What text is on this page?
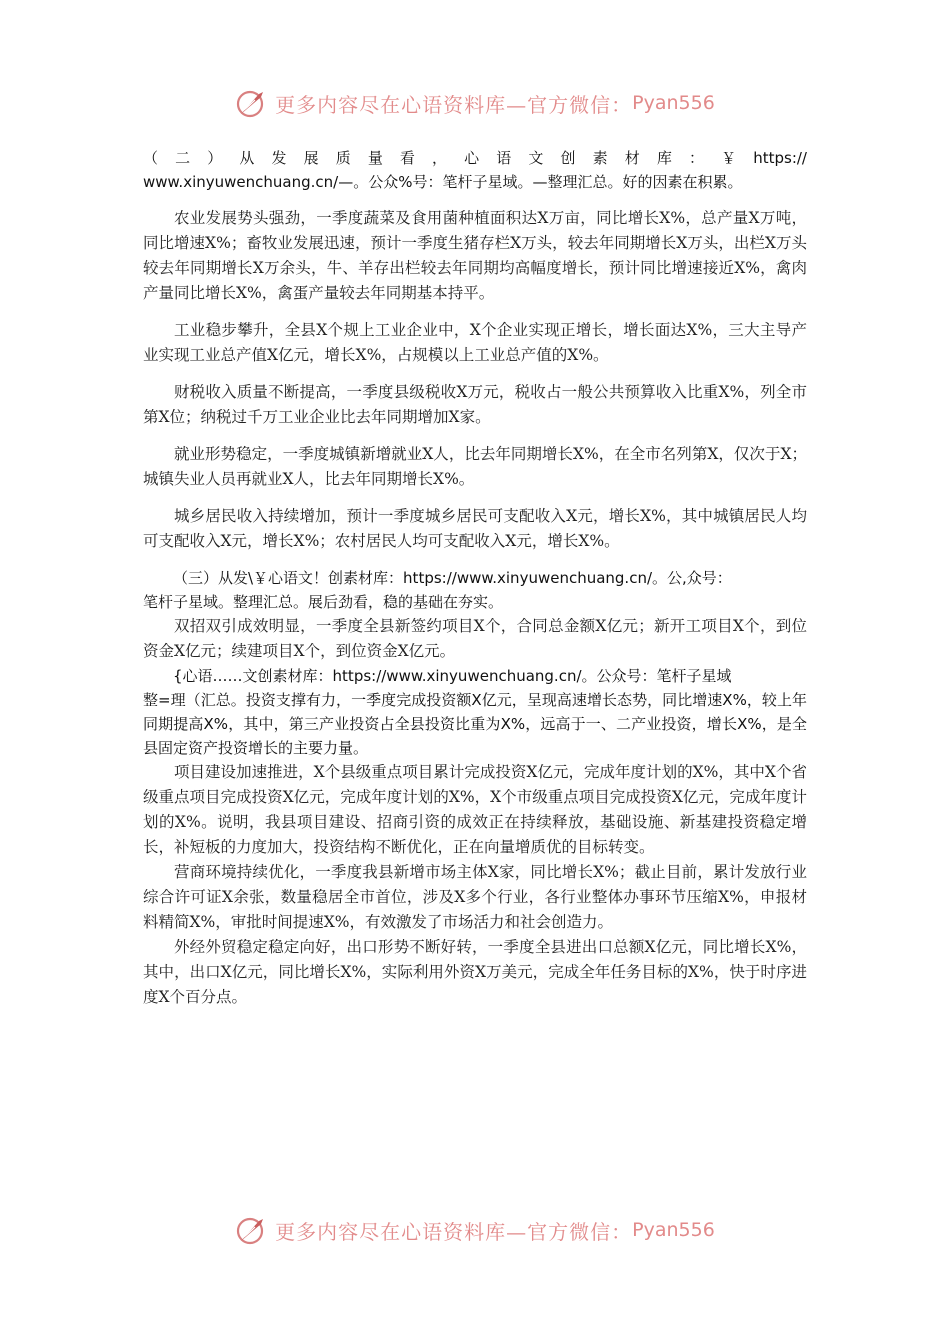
更多内容尽在心语资料库—官方微信： Pyan556

（二）从发展质量看，心语文创素材库：￥https://

www.xinyuwenchuang.cn/—。公众%号：笔杆子星域。—整理汇总。好的因素在积累。

农业发展势头强劲，一季度蔬菜及食用菌种植面积达X万亩，同比增长X%，总产量X万吨，同比增速X%；畜牧业发展迅速，预计一季度生猪存栏X万头，较去年同期增长X万头，出栏X万头较去年同期增长X万余头，牛、羊存出栏较去年同期均高幅度增长，预计同比增速接近X%，禽肉产量同比增长X%，禽蛋产量较去年同期基本持平。

工业稳步攀升，全县X个规上工业企业中，X个企业实现正增长，增长面达X%，三大主导产业实现工业总产值X亿元，增长X%，占规模以上工业总产值的X%。

财税收入质量不断提高，一季度县级税收X万元，税收占一般公共预算收入比重X%，列全市第X位；纳税过千万工业企业比去年同期增加X家。

就业形势稳定，一季度城镇新增就业X人，比去年同期增长X%，在全市名列第X，仅次于X；城镇失业人员再就业X人，比去年同期增长X%。

城乡居民收入持续增加，预计一季度城乡居民可支配收入X元，增长X%，其中城镇居民人均可支配收入X元，增长X%；农村居民人均可支配收入X元，增长X%。

（三）从发\￥心语文！创素材库：https://www.xinyuwenchuang.cn/。公,众号：

笔杆子星域。整理汇总。展后劲看，稳的基础在夯实。

双招双引成效明显，一季度全县新签约项目X个，合同总金额X亿元；新开工项目X个，到位资金X亿元；续建项目X个，到位资金X亿元。

{心语……文创素材库：https://www.xinyuwenchuang.cn/。公众号：笔杆子星域

整=理（汇总。投资支撑有力，一季度完成投资额X亿元，呈现高速增长态势，同比增速X%，较上年同期提高X%，其中，第三产业投资占全县投资比重为X%，远高于一、二产业投资，增长X%，是全县固定资产投资增长的主要力量。

项目建设加速推进，X个县级重点项目累计完成投资X亿元，完成年度计划的X%，其中X个省级重点项目完成投资X亿元，完成年度计划的X%，X个市级重点项目完成投资X亿元，完成年度计划的X%。说明，我县项目建设、招商引资的成效正在持续释放，基础设施、新基建投资稳定增长，补短板的力度加大，投资结构不断优化，正在向量增质优的目标转变。

营商环境持续优化，一季度我县新增市场主体X家，同比增长X%；截止目前，累计发放行业综合许可证X余张，数量稳居全市首位，涉及X多个行业，各行业整体办事环节压缩X%，申报材料精简X%，审批时间提速X%，有效激发了市场活力和社会创造力。

外经外贸稳定稳定向好，出口形势不断好转，一季度全县进出口总额X亿元，同比增长X%，其中，出口X亿元，同比增长X%，实际利用外资X万美元，完成全年任务目标的X%，快于时序进度X个百分点。

更多内容尽在心语资料库—官方微信： Pyan556
